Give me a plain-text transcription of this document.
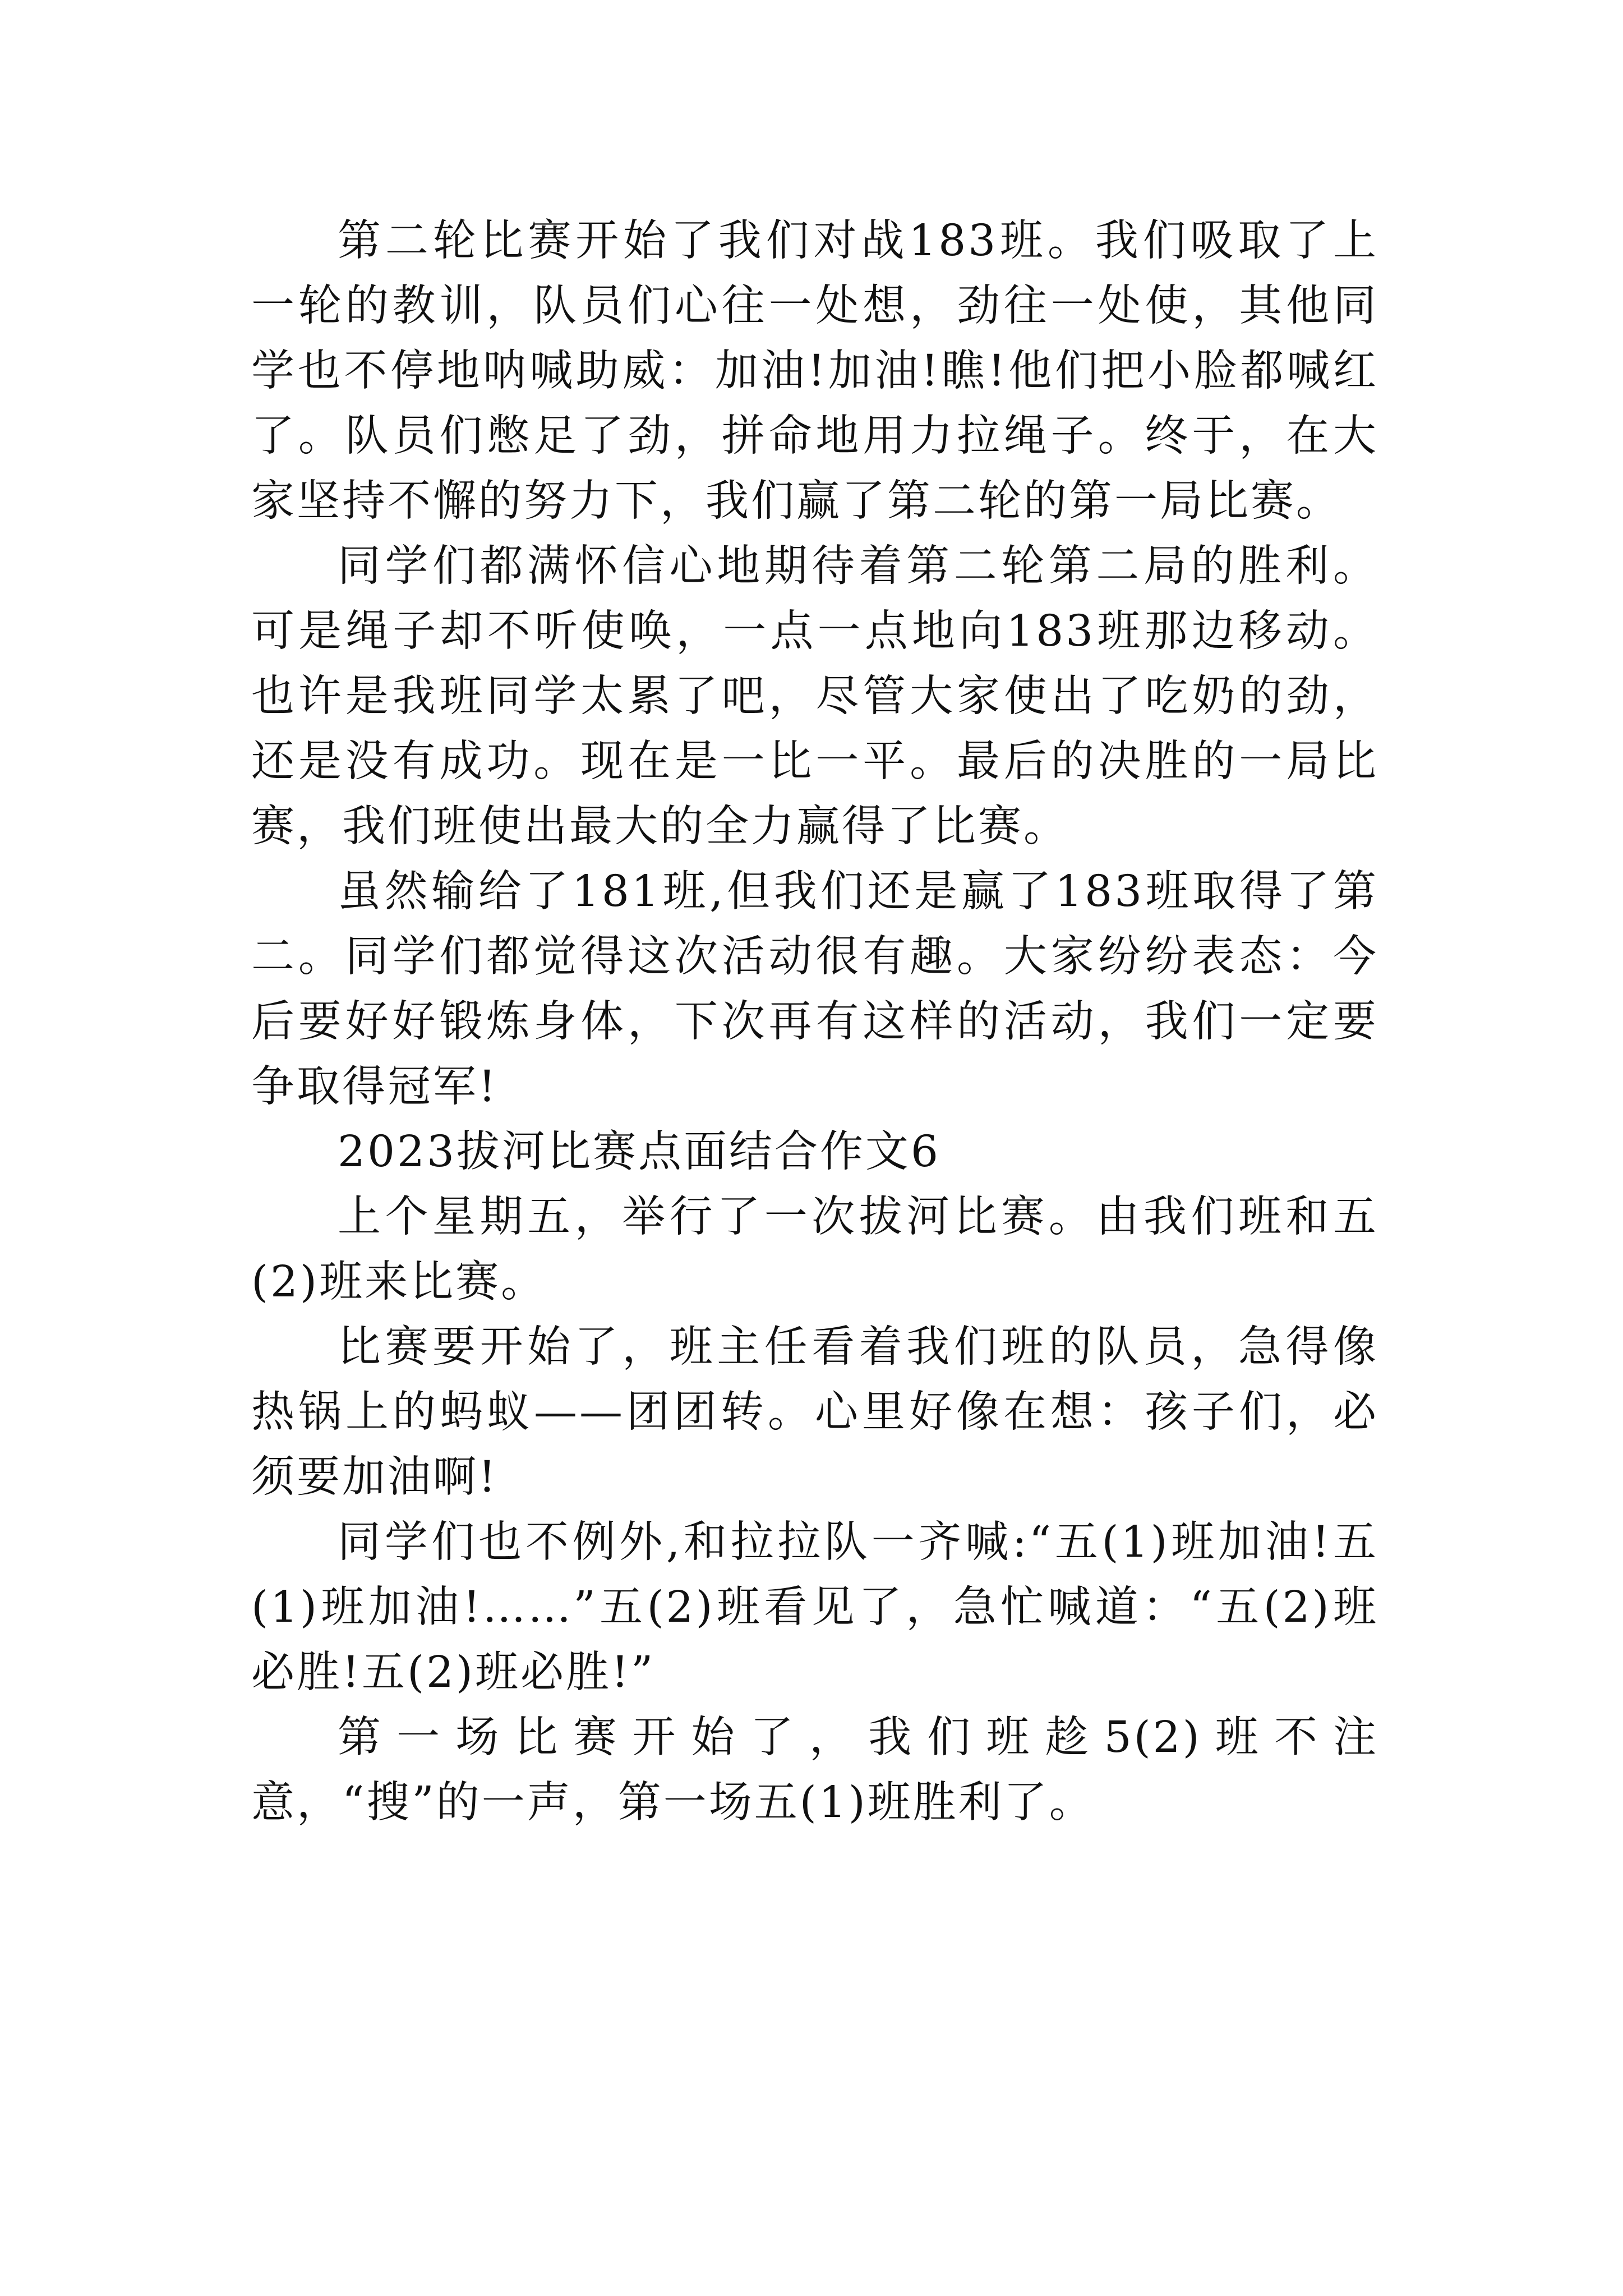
第二轮比赛开始了我们对战183班。我们吸取了上一轮的教训，队员们心往一处想，劲往一处使，其他同学也不停地呐喊助威：加油!加油!瞧!他们把小脸都喊红了。队员们憋足了劲，拼命地用力拉绳子。终于，在大家坚持不懈的努力下，我们赢了第二轮的第一局比赛。

同学们都满怀信心地期待着第二轮第二局的胜利。可是绳子却不听使唤，一点一点地向183班那边移动。也许是我班同学太累了吧，尽管大家使出了吃奶的劲，还是没有成功。现在是一比一平。最后的决胜的一局比赛，我们班使出最大的全力赢得了比赛。

虽然输给了181班,但我们还是赢了183班取得了第二。同学们都觉得这次活动很有趣。大家纷纷表态：今后要好好锻炼身体，下次再有这样的活动，我们一定要争取得冠军!

2023拔河比赛点面结合作文6

上个星期五，举行了一次拔河比赛。由我们班和五(2)班来比赛。

比赛要开始了，班主任看着我们班的队员，急得像热锅上的蚂蚁——团团转。心里好像在想：孩子们，必须要加油啊!

同学们也不例外,和拉拉队一齐喊:“五(1)班加油!五(1)班加油!……”五(2)班看见了，急忙喊道：“五(2)班必胜!五(2)班必胜!”

第一场比赛开始了，我们班趁5(2)班不注意，“搜”的一声，第一场五(1)班胜利了。
